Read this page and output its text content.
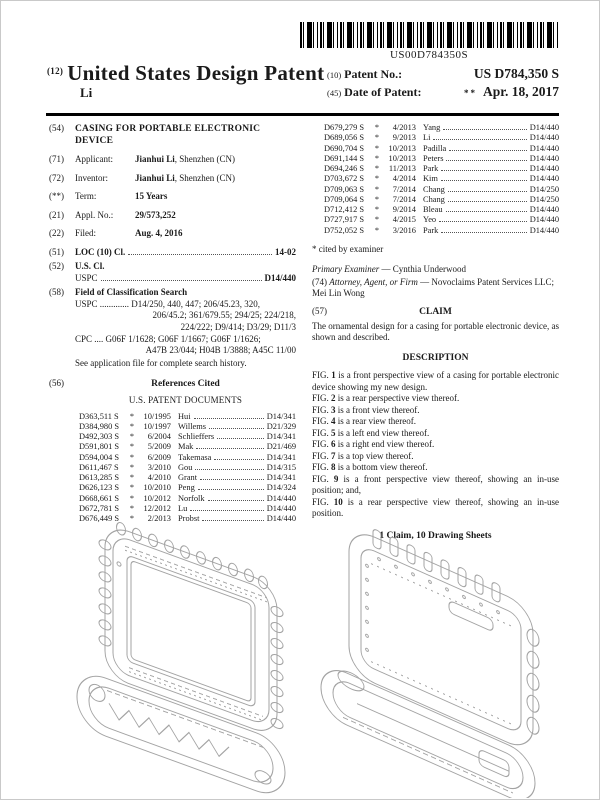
US00D784350S
$^{(12)}$ United States Design Patent
Li
(10) Patent No.:	US D784,350 S
(45) Date of Patent:	** Apr. 18, 2017
(54)	CASING FOR PORTABLE ELECTRONIC DEVICE
(71)	Applicant: Jianhui Li, Shenzhen (CN)
(72)	Inventor:	Jianhui Li, Shenzhen (CN)
(**)	Term:	15 Years
(21)	Appl. No.: 29/573,252
(22)	Filed:	Aug. 4, 2016
(51)	LOC (10) Cl.	14-02
(52)	U.S. Cl.
USPC	D14/440
(58)	Field of Classification Search
USPC ............. D14/250, 440, 447; 206/45.23, 320,
206/45.2; 361/679.55; 294/25; 224/218,
224/222; D9/414; D3/29; D11/3
CPC .... G06F 1/1628; G06F 1/1667; G06F 1/1626;
A47B 23/044; H04B 1/3888; A45C 11/00
See application file for complete search history.
(56)	References Cited
U.S. PATENT DOCUMENTS
D363,511 S	*	10/1995 Hui	D14/341
D384,980 S	*	10/1997 Willems	D21/329
D492,303 S	*	6/2004 Schlieffers	D14/341
D591,801 S	*	5/2009 Mak	D21/469
D594,004 S	*	6/2009 Takemasa	D14/341
D611,467 S	*	3/2010 Gou	D14/315
D613,285 S	*	4/2010 Grant	D14/341
D626,123 S	*	10/2010 Peng	D14/324
D668,661 S	*	10/2012 Norfolk	D14/440
D672,781 S	*	12/2012 Lu	D14/440
D676,449 S	*	2/2013 Probst	D14/440
D679,279 S	*	4/2013 Yang	D14/440
D689,056 S	*	9/2013 Li	D14/440
D690,704 S	*	10/2013 Padilla	D14/440
D691,144 S	*	10/2013 Peters	D14/440
D694,246 S	*	11/2013 Park	D14/440
D703,672 S	*	4/2014 Kim	D14/440
D709,063 S	*	7/2014 Chang	D14/250
D709,064 S	*	7/2014 Chang	D14/250
D712,412 S	*	9/2014 Bleau	D14/440
D727,917 S	*	4/2015 Yeo	D14/440
D752,052 S	*	3/2016 Park	D14/440
* cited by examiner
Primary Examiner — Cynthia Underwood
(74) Attorney, Agent, or Firm — Novoclaims Patent Services LLC; Mei Lin Wong
(57)	CLAIM
The ornamental design for a casing for portable electronic device, as shown and described.
DESCRIPTION
FIG. 1 is a front perspective view of a casing for portable electronic device showing my new design.
FIG. 2 is a rear perspective view thereof.
FIG. 3 is a front view thereof.
FIG. 4 is a rear view thereof.
FIG. 5 is a left end view thereof.
FIG. 6 is a right end view thereof.
FIG. 7 is a top view thereof.
FIG. 8 is a bottom view thereof.
FIG. 9 is a front perspective view thereof, showing an in-use position; and,
FIG. 10 is a rear perspective view thereof, showing an in-use position.
1 Claim, 10 Drawing Sheets
